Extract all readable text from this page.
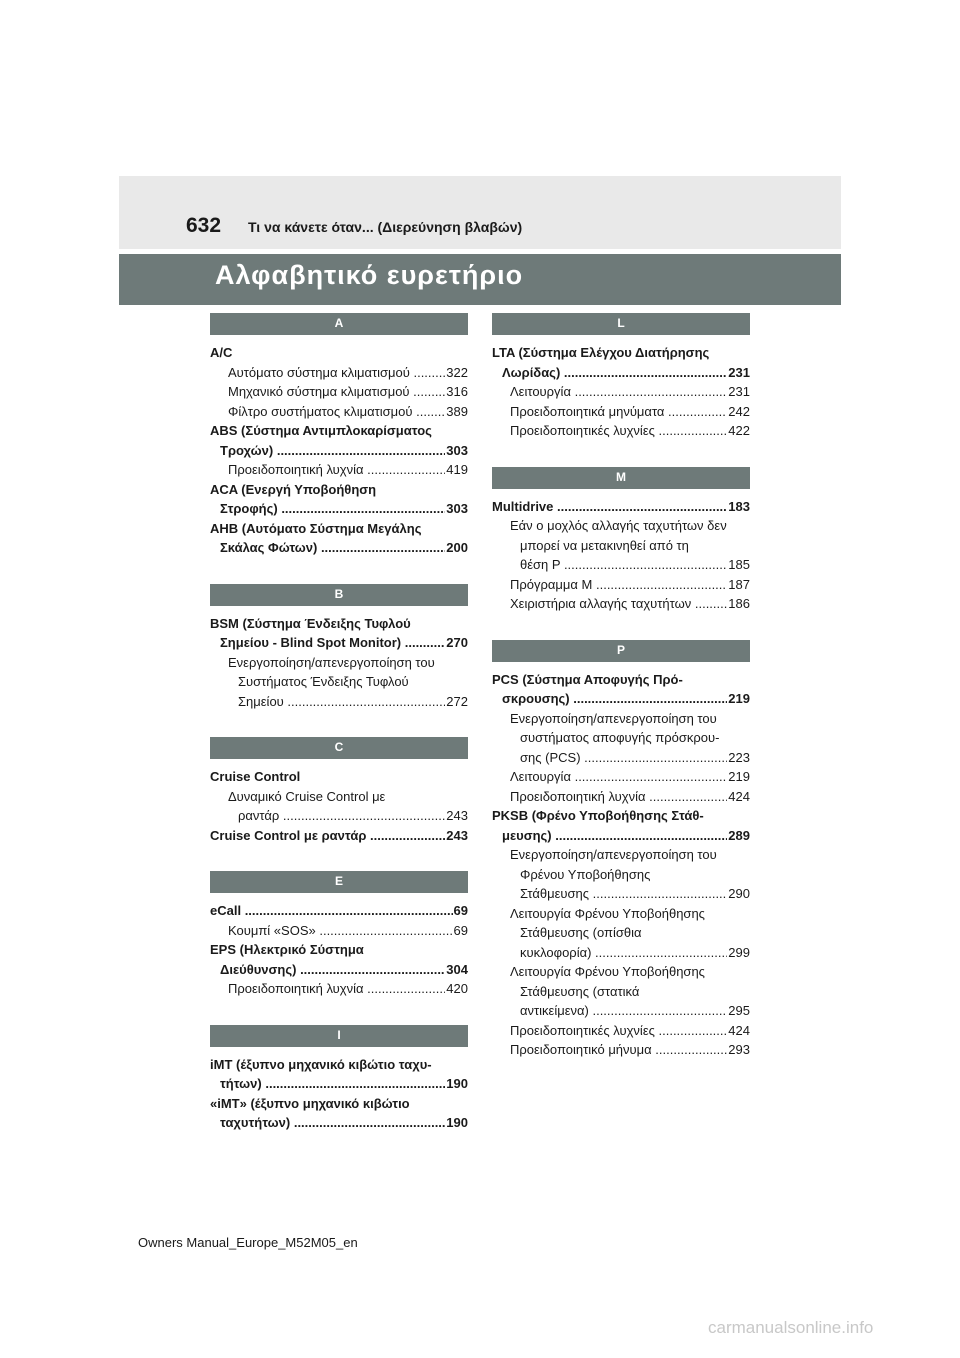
632 Τι να κάνετε όταν... (Διερεύνηση βλαβών)
Αλφαβητικό ευρετήριο
A
A/C
Αυτόματο σύστημα κλιματισμού .....	322
Μηχανικό σύστημα κλιματισμού .....	316
Φίλτρο συστήματος κλιματισμού .....	389
ABS (Σύστημα Αντιμπλοκαρίσματος
Τροχών) .....	303
Προειδοποιητική λυχνία .....	419
ACA (Ενεργή Υποβοήθηση
Στροφής) .....	303
AHB (Αυτόματο Σύστημα Μεγάλης
Σκάλας Φώτων) .....	200
B
BSM (Σύστημα Ένδειξης Τυφλού
Σημείου - Blind Spot Monitor) .....	270
Ενεργοποίηση/απενεργοποίηση του
Συστήματος Ένδειξης Τυφλού
Σημείου .....	272
C
Cruise Control
Δυναμικό Cruise Control με
ραντάρ .....	243
Cruise Control με ραντάρ .....	243
E
eCall .....	69
Κουμπί «SOS» .....	69
EPS (Ηλεκτρικό Σύστημα
Διεύθυνσης) .....	304
Προειδοποιητική λυχνία .....	420
I
iMT (έξυπνο μηχανικό κιβώτιο ταχυ-
τήτων) .....	190
«iMT» (έξυπνο μηχανικό κιβώτιο
ταχυτήτων) .....	190
L
LTA (Σύστημα Ελέγχου Διατήρησης
Λωρίδας) .....	231
Λειτουργία .....	231
Προειδοποιητικά μηνύματα .....	242
Προειδοποιητικές λυχνίες .....	422
M
Multidrive .....	183
Εάν ο μοχλός αλλαγής ταχυτήτων δεν
μπορεί να μετακινηθεί από τη
θέση P .....	185
Πρόγραμμα M .....	187
Χειριστήρια αλλαγής ταχυτήτων .....	186
P
PCS (Σύστημα Αποφυγής Πρό-
σκρουσης) .....	219
Ενεργοποίηση/απενεργοποίηση του
συστήματος αποφυγής πρόσκρου-
σης (PCS) .....	223
Λειτουργία .....	219
Προειδοποιητική λυχνία .....	424
PKSB (Φρένο Υποβοήθησης Στάθ-
μευσης) .....	289
Ενεργοποίηση/απενεργοποίηση του
Φρένου Υποβοήθησης
Στάθμευσης .....	290
Λειτουργία Φρένου Υποβοήθησης
Στάθμευσης (οπίσθια
κυκλοφορία) .....	299
Λειτουργία Φρένου Υποβοήθησης
Στάθμευσης (στατικά
αντικείμενα) .....	295
Προειδοποιητικές λυχνίες .....	424
Προειδοποιητικό μήνυμα .....	293
Owners Manual_Europe_M52M05_en
carmanualsonline.info
